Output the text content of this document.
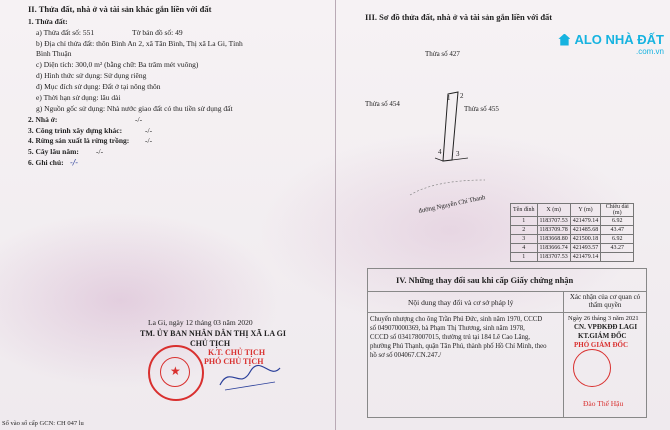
II. Thửa đất, nhà ở và tài sản khác gắn liền với đất
1. Thửa đất:
a) Thửa đất số: 551	Tờ bản đồ số: 49
b) Địa chỉ thửa đất: thôn Bình An 2, xã Tân Bình, Thị xã La Gi, Tỉnh
Bình Thuận
c) Diện tích: 300,0 m² (bằng chữ: Ba trăm mét vuông)
d) Hình thức sử dụng: Sử dụng riêng
đ) Mục đích sử dụng: Đất ở tại nông thôn
e) Thời hạn sử dụng: lâu dài
g) Nguồn gốc sử dụng: Nhà nước giao đất có thu tiền sử dụng đất
2. Nhà ở:	-/-
3. Công trình xây dựng khác:	-/-
4. Rừng sản xuất là rừng trồng: -/-
5. Cây lâu năm: -/-
6. Ghi chú: -/-
La Gi, ngày 12 tháng 03 năm 2020
TM. ỦY BAN NHÂN DÂN THỊ XÃ LA GI
CHỦ TỊCH
K.T. CHỦ TỊCH
PHÓ CHỦ TỊCH
★
Số vào sổ cấp GCN: CH 047 lu
III. Sơ đồ thửa đất, nhà ở và tài sản gắn liền với đất
Thửa số 427
Thửa số 454
Thửa số 455
4 3
1 2
đường Nguyễn Chí Thanh	Tên đỉnh	X (m)	Y (m)	Chiều dài (m)
1	1183707.53	421479.14	6.92
2	1183709.78	421485.68	43.47
3	1183668.80	421500.18	6.92
4	1183666.74	421493.57	43.27
1	1183707.53	421479.14	
IV. Những thay đổi sau khi cấp Giấy chứng nhận
Nội dung thay đổi và cơ sở pháp lý
Xác nhận của cơ quan có thẩm quyền
Chuyển nhượng cho ông Trần Phú Đức, sinh năm 1970, CCCD
số 049070000369, bà Phạm Thị Thương, sinh năm 1978,
CCCD số 034178007015, thường trú tại 184 Lê Cao Lãng,
phường Phú Thạnh, quận Tân Phú, thành phố Hồ Chí Minh, theo
hồ sơ số 004067.CN.247./
Ngày 26 tháng 3 năm 2021
CN. VPĐKĐĐ LAGI
KT.GIÁM ĐỐC
PHÓ GIÁM ĐỐC
Đào Thế Hậu
ALO NHÀ ĐẤT
.com.vn
